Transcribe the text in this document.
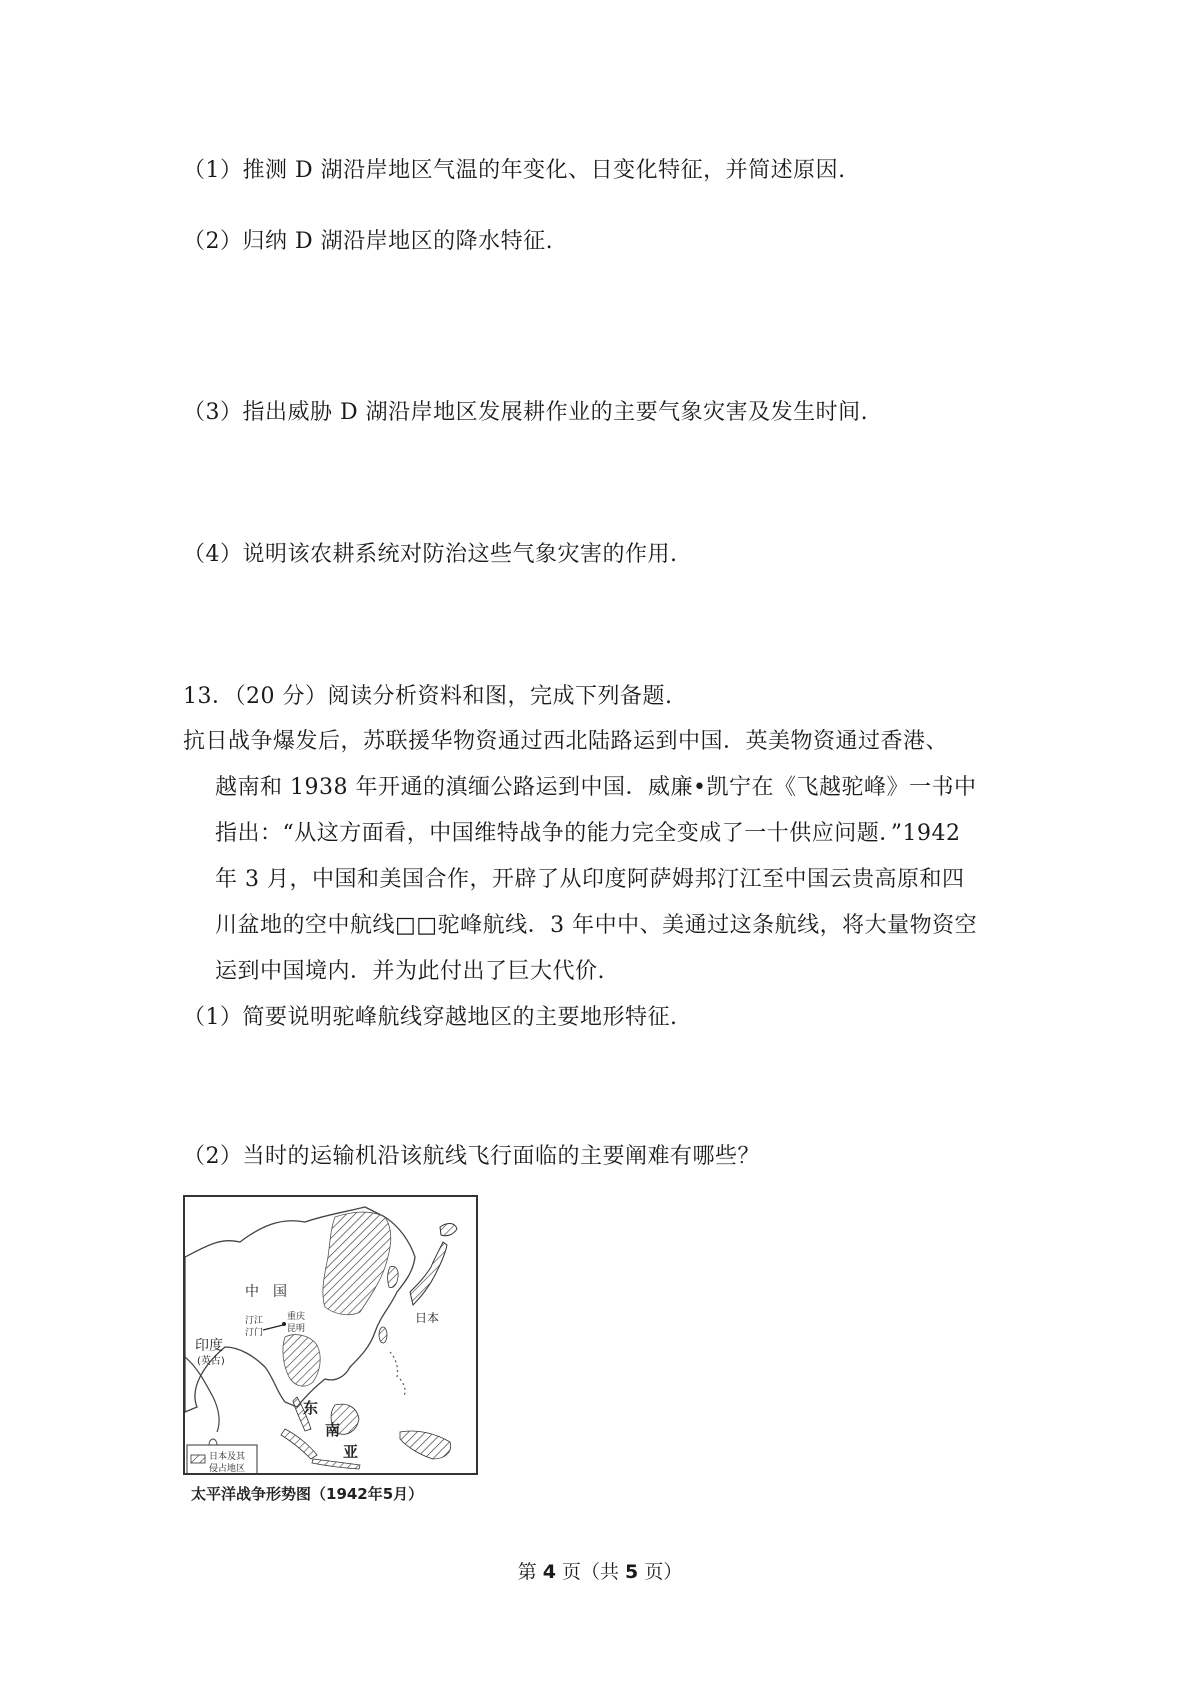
（1）推测 D 湖沿岸地区气温的年变化、日变化特征，并简述原因.
（2）归纳 D 湖沿岸地区的降水特征.
（3）指出威胁 D 湖沿岸地区发展耕作业的主要气象灾害及发生时间.
（4）说明该农耕系统对防治这些气象灾害的作用.
13．（20 分）阅读分析资料和图，完成下列备题.
抗日战争爆发后，苏联援华物资通过西北陆路运到中国．英美物资通过香港、
越南和 1938 年开通的滇缅公路运到中国．威廉•凯宁在《飞越驼峰》一书中
指出：“从这方面看，中国维特战争的能力完全变成了一十供应问题．”1942
年 3 月，中国和美国合作，开辟了从印度阿萨姆邦汀江至中国云贵高原和四
川盆地的空中航线□□驼峰航线．3 年中中、美通过这条航线，将大量物资空
运到中国境内．并为此付出了巨大代价.
（1）简要说明驼峰航线穿越地区的主要地形特征.
（2）当时的运输机沿该航线飞行面临的主要阐难有哪些？
中　国
日本
印度
(英占)
汀江
汀门
重庆
昆明
东
南
亚
日本及其
侵占地区
太平洋战争形势图（1942年5月）
第 4 页（共 5 页）
